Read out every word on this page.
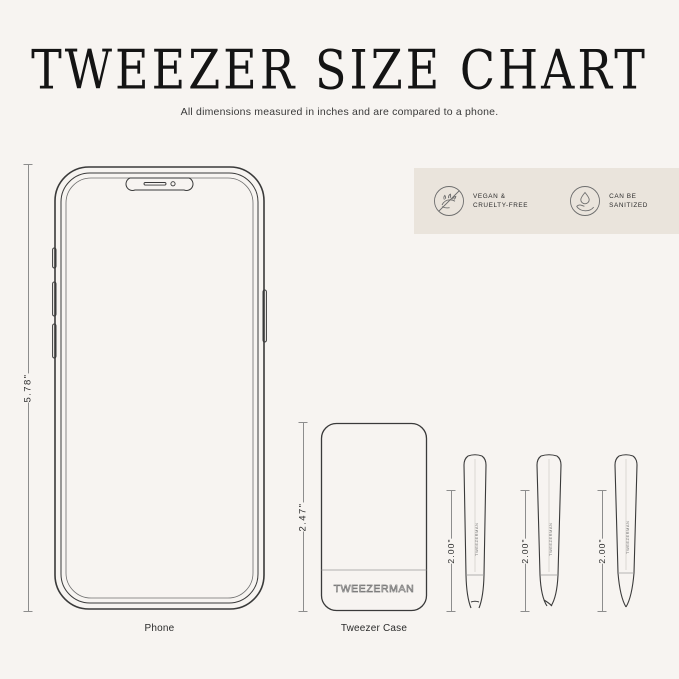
TWEEZER SIZE CHART
All dimensions measured in inches and are compared to a phone.
VEGAN &
CRUELTY-FREE
CAN BE
SANITIZED
5.78"
Phone
2.47"
TWEEZERMAN
Tweezer Case
2.00"	TWEEZERMAN	2.00"	TWEEZERMAN	2.00"	TWEEZERMAN
